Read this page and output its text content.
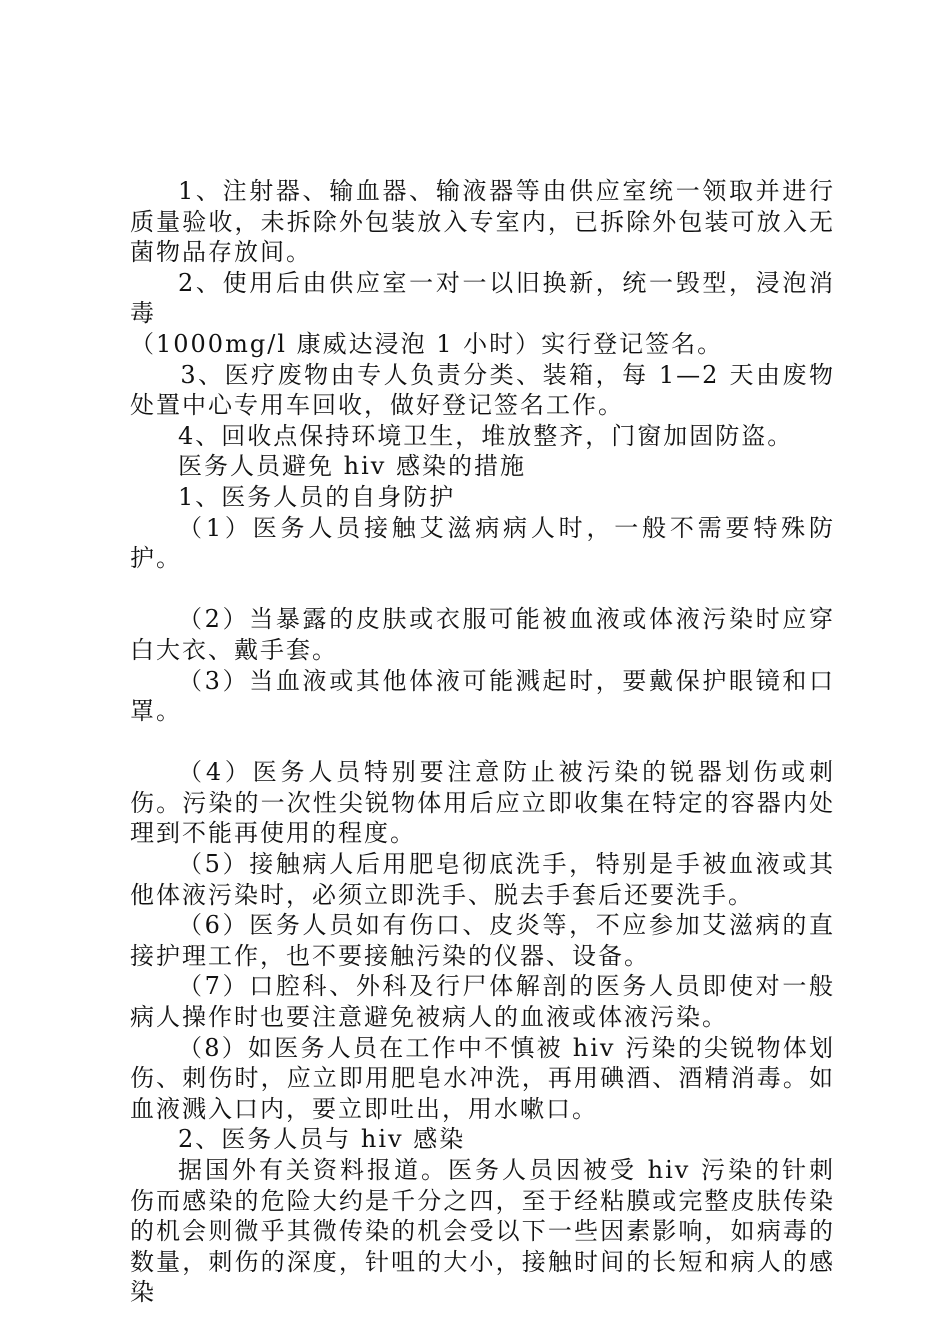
1、注射器、输血器、输液器等由供应室统一领取并进行质量验收，未拆除外包装放入专室内，已拆除外包装可放入无菌物品存放间。

2、使用后由供应室一对一以旧换新，统一毁型，浸泡消毒

（1000mg/l 康威达浸泡 1 小时）实行登记签名。

3、医疗废物由专人负责分类、装箱，每 1—2 天由废物处置中心专用车回收，做好登记签名工作。

4、回收点保持环境卫生，堆放整齐，门窗加固防盗。

医务人员避免 hiv 感染的措施

1、医务人员的自身防护

（1）医务人员接触艾滋病病人时，一般不需要特殊防护。

（2）当暴露的皮肤或衣服可能被血液或体液污染时应穿白大衣、戴手套。

（3）当血液或其他体液可能溅起时，要戴保护眼镜和口罩。

（4）医务人员特别要注意防止被污染的锐器划伤或刺伤。污染的一次性尖锐物体用后应立即收集在特定的容器内处理到不能再使用的程度。

（5）接触病人后用肥皂彻底洗手，特别是手被血液或其他体液污染时，必须立即洗手、脱去手套后还要洗手。

（6）医务人员如有伤口、皮炎等，不应参加艾滋病的直接护理工作，也不要接触污染的仪器、设备。

（7）口腔科、外科及行尸体解剖的医务人员即使对一般病人操作时也要注意避免被病人的血液或体液污染。

（8）如医务人员在工作中不慎被 hiv 污染的尖锐物体划伤、刺伤时，应立即用肥皂水冲洗，再用碘酒、酒精消毒。如血液溅入口内，要立即吐出，用水嗽口。

2、医务人员与 hiv 感染

据国外有关资料报道。医务人员因被受 hiv 污染的针刺伤而感染的危险大约是千分之四，至于经粘膜或完整皮肤传染的机会则微乎其微传染的机会受以下一些因素影响，如病毒的数量，刺伤的深度，针咀的大小，接触时间的长短和病人的感染
